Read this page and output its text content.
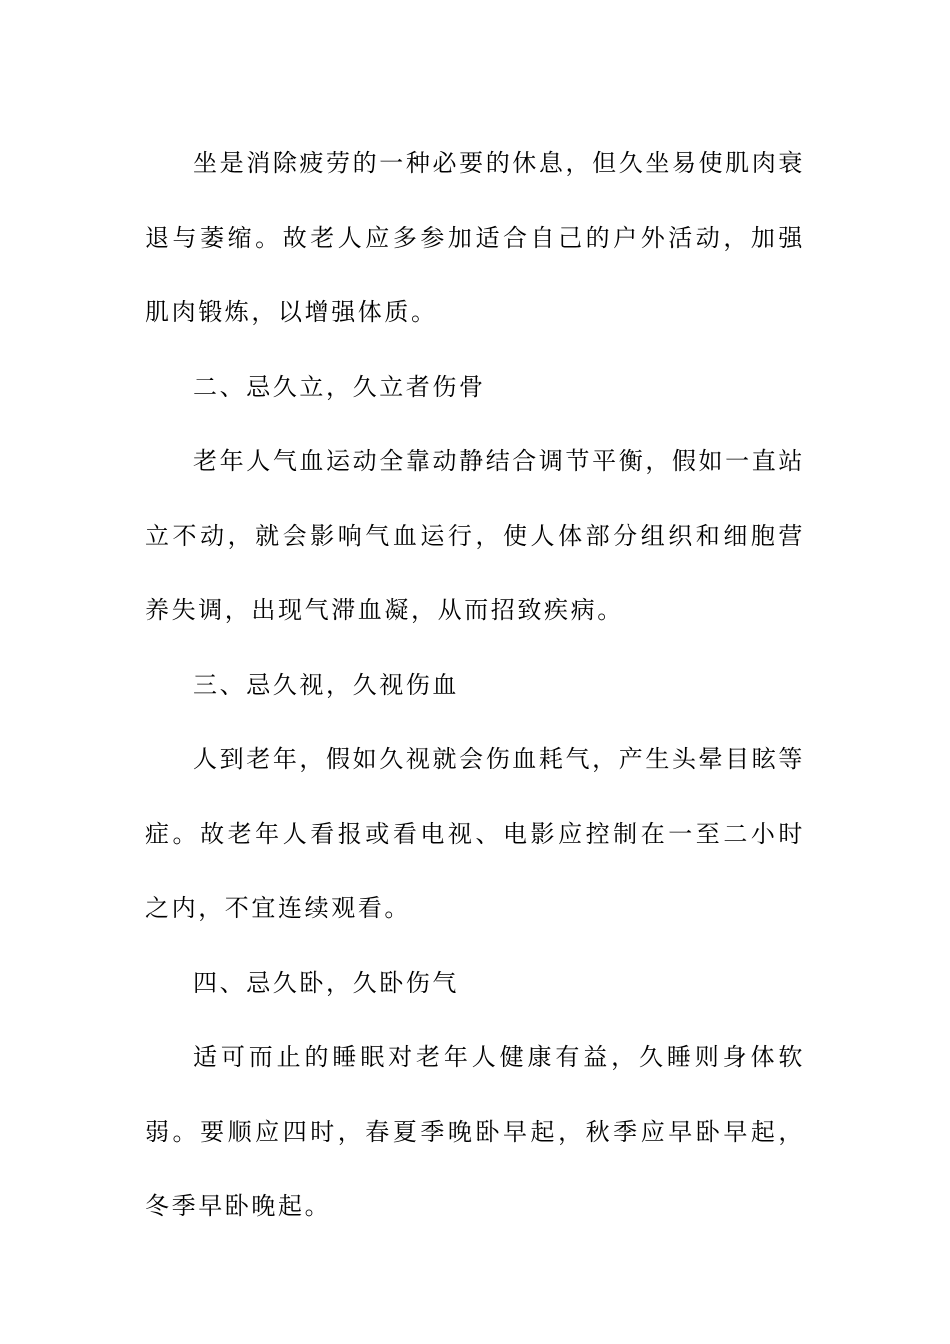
坐是消除疲劳的一种必要的休息，但久坐易使肌肉衰退与萎缩。故老人应多参加适合自己的户外活动，加强肌肉锻炼，以增强体质。

二、忌久立，久立者伤骨

老年人气血运动全靠动静结合调节平衡，假如一直站立不动，就会影响气血运行，使人体部分组织和细胞营养失调，出现气滞血凝，从而招致疾病。

三、忌久视，久视伤血

人到老年，假如久视就会伤血耗气，产生头晕目眩等症。故老年人看报或看电视、电影应控制在一至二小时之内，不宜连续观看。

四、忌久卧，久卧伤气

适可而止的睡眠对老年人健康有益，久睡则身体软弱。要顺应四时，春夏季晚卧早起，秋季应早卧早起，冬季早卧晚起。
